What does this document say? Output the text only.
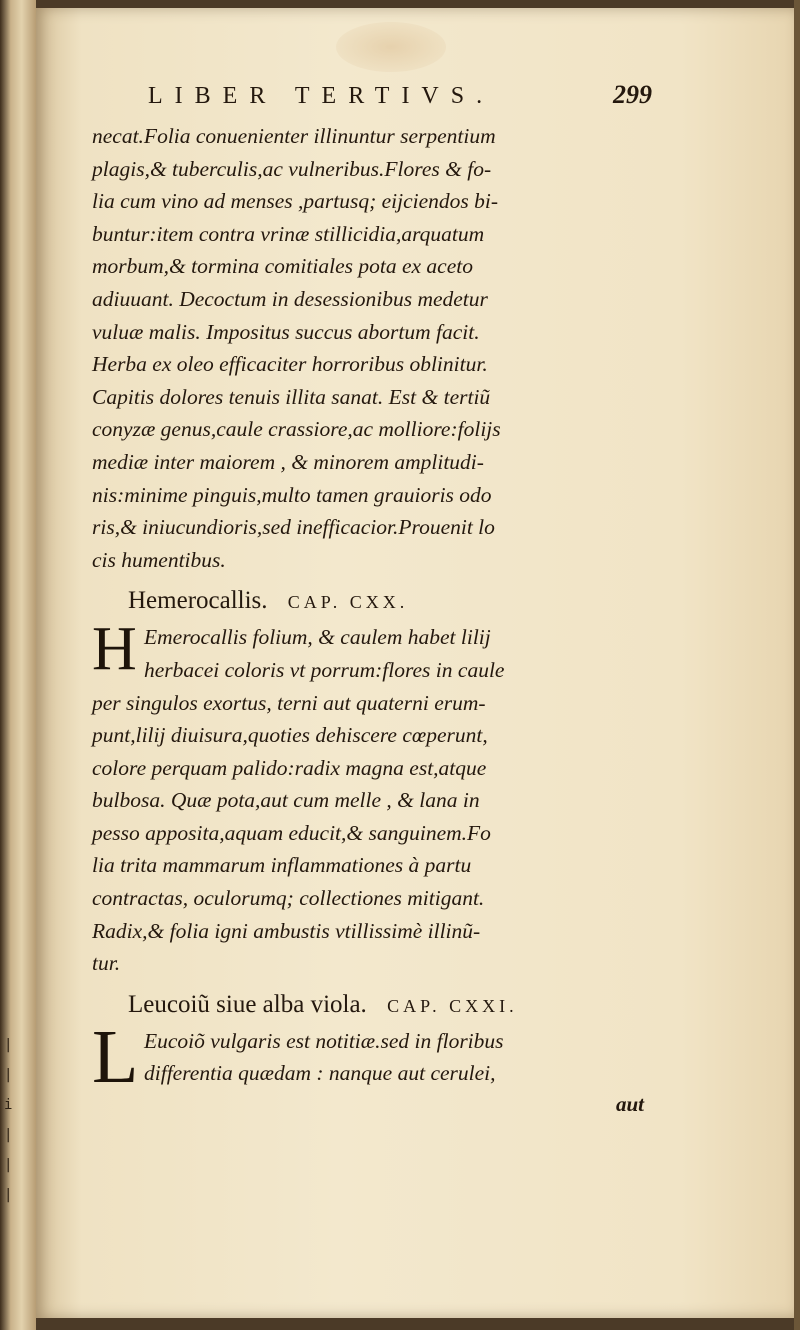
|
|
i
|
|
|
LIBER TERTIVS.	299
necat.Folia conuenienter illinuntur serpentium
plagis,& tuberculis,ac vulneribus.Flores & fo-
lia cum vino ad menses ,partusq; eijciendos bi-
buntur:item contra vrinæ stillicidia,arquatum
morbum,& tormina comitiales pota ex aceto
adiuuant. Decoctum in desessionibus medetur
vuluæ malis. Impositus succus abortum facit.
Herba ex oleo efficaciter horroribus oblinitur.
Capitis dolores tenuis illita sanat. Est & tertiũ
conyzæ genus,caule crassiore,ac molliore:folijs
mediæ inter maiorem , & minorem amplitudi-
nis:minime pinguis,multo tamen grauioris odo
ris,& iniucundioris,sed inefficacior.Prouenit lo
cis humentibus.
Hemerocallis. CAP. CXX.
H Emerocallis folium, & caulem habet lilij
herbacei coloris vt porrum:flores in caule
per singulos exortus, terni aut quaterni erum-
punt,lilij diuisura,quoties dehiscere cœperunt,
colore perquam palido:radix magna est,atque
bulbosa. Quæ pota,aut cum melle , & lana in
pesso apposita,aquam educit,& sanguinem.Fo
lia trita mammarum inflammationes à partu
contractas, oculorumq; collectiones mitigant.
Radix,& folia igni ambustis vtillissimè illinũ-
tur.
Leucoiũ siue alba viola. CAP. CXXI.
L Eucoiõ vulgaris est notitiæ.sed in floribus
differentia quædam : nanque aut cerulei,
aut
